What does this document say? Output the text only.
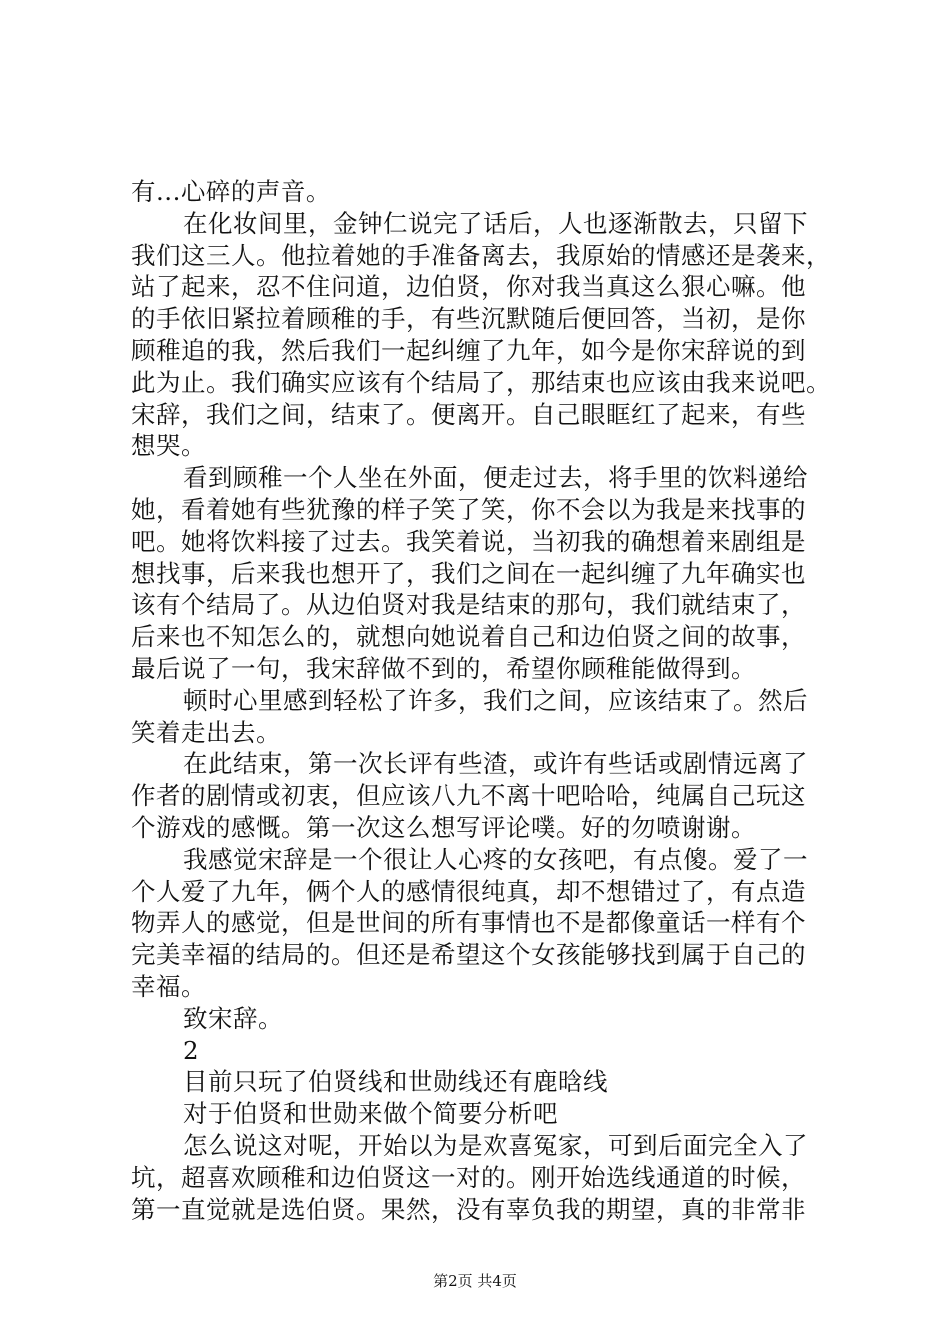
有...心碎的声音。
在化妆间里，金钟仁说完了话后，人也逐渐散去，只留下
我们这三人。他拉着她的手准备离去，我原始的情感还是袭来，
站了起来，忍不住问道，边伯贤，你对我当真这么狠心嘛。他
的手依旧紧拉着顾稚的手，有些沉默随后便回答，当初，是你
顾稚追的我，然后我们一起纠缠了九年，如今是你宋辞说的到
此为止。我们确实应该有个结局了，那结束也应该由我来说吧。
宋辞，我们之间，结束了。便离开。自己眼眶红了起来，有些
想哭。
看到顾稚一个人坐在外面，便走过去，将手里的饮料递给
她，看着她有些犹豫的样子笑了笑，你不会以为我是来找事的
吧。她将饮料接了过去。我笑着说，当初我的确想着来剧组是
想找事，后来我也想开了，我们之间在一起纠缠了九年确实也
该有个结局了。从边伯贤对我是结束的那句，我们就结束了，
后来也不知怎么的，就想向她说着自己和边伯贤之间的故事，
最后说了一句，我宋辞做不到的，希望你顾稚能做得到。
顿时心里感到轻松了许多，我们之间，应该结束了。然后
笑着走出去。
在此结束，第一次长评有些渣，或许有些话或剧情远离了
作者的剧情或初衷，但应该八九不离十吧哈哈，纯属自己玩这
个游戏的感慨。第一次这么想写评论噗。好的勿喷谢谢。
我感觉宋辞是一个很让人心疼的女孩吧，有点傻。爱了一
个人爱了九年，俩个人的感情很纯真，却不想错过了，有点造
物弄人的感觉，但是世间的所有事情也不是都像童话一样有个
完美幸福的结局的。但还是希望这个女孩能够找到属于自己的
幸福。
致宋辞。
2
目前只玩了伯贤线和世勋线还有鹿晗线
对于伯贤和世勋来做个简要分析吧
怎么说这对呢，开始以为是欢喜冤家，可到后面完全入了
坑，超喜欢顾稚和边伯贤这一对的。刚开始选线通道的时候，
第一直觉就是选伯贤。果然，没有辜负我的期望，真的非常非
第2页 共4页
